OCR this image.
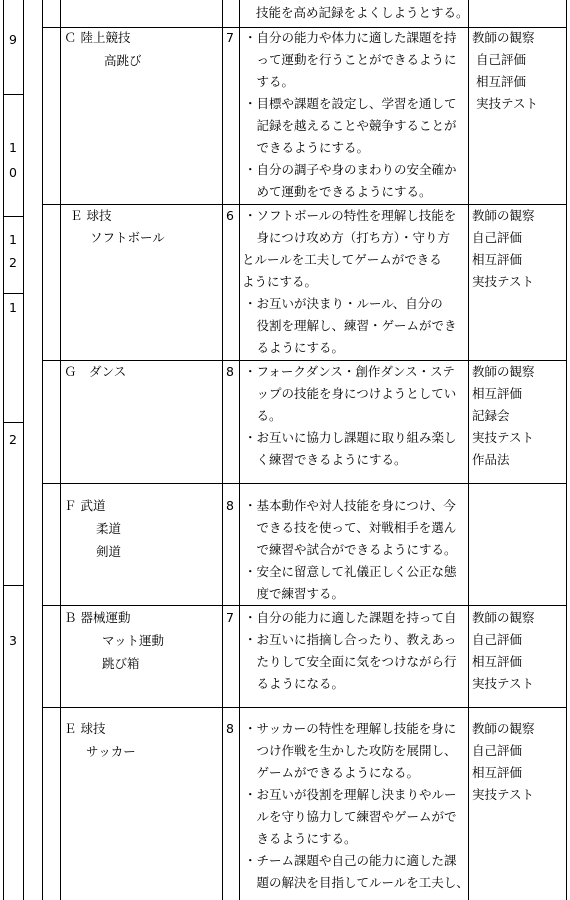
9
1
0
1
2
1
2
3
技能を高め記録をよくしようとする。
Ｃ 陸上競技
高跳び
7 ・自分の能力や体力に適した課題を持
　って運動を行うことができるように
　する。
・目標や課題を設定し、学習を通して
　記録を越えることや競争することが
　できるようにする。
・自分の調子や身のまわりの安全確か
　めて運動をできるようにする。
教師の観察
自己評価
相互評価
実技テスト
Ｅ 球技
ソフトボール
6 ・ソフトボールの特性を理解し技能を
　身につけ攻め方（打ち方）・守り方
とルールを工夫してゲームができる
ようにする。
・お互いが決まり・ルール、自分の
　役割を理解し、練習・ゲームができ
　るようにする。
教師の観察
自己評価
相互評価
実技テスト
Ｇ　ダンス	8 ・フォークダンス・創作ダンス・ステ
　ップの技能を身につけようとしてい
　る。
・お互いに協力し課題に取り組み楽し
　く練習できるようにする。
教師の観察
相互評価
記録会
実技テスト
作品法
Ｆ 武道
柔道
剣道
8 ・基本動作や対人技能を身につけ、今
　できる技を使って、対戦相手を選ん
　で練習や試合ができるようにする。
・安全に留意して礼儀正しく公正な態
　度で練習する。
Ｂ 器械運動
マット運動
跳び箱
7 ・自分の能力に適した課題を持って自
・お互いに指摘し合ったり、教えあっ
　たりして安全面に気をつけながら行
　るようになる。
教師の観察
自己評価
相互評価
実技テスト
Ｅ 球技
サッカー
8 ・サッカーの特性を理解し技能を身に
　つけ作戦を生かした攻防を展開し、
　ゲームができるようになる。
・お互いが役割を理解し決まりやルー
　ルを守り協力して練習やゲームがで
　きるようにする。
・チーム課題や自己の能力に適した課
　題の解決を目指してルールを工夫し、
教師の観察
自己評価
相互評価
実技テスト
